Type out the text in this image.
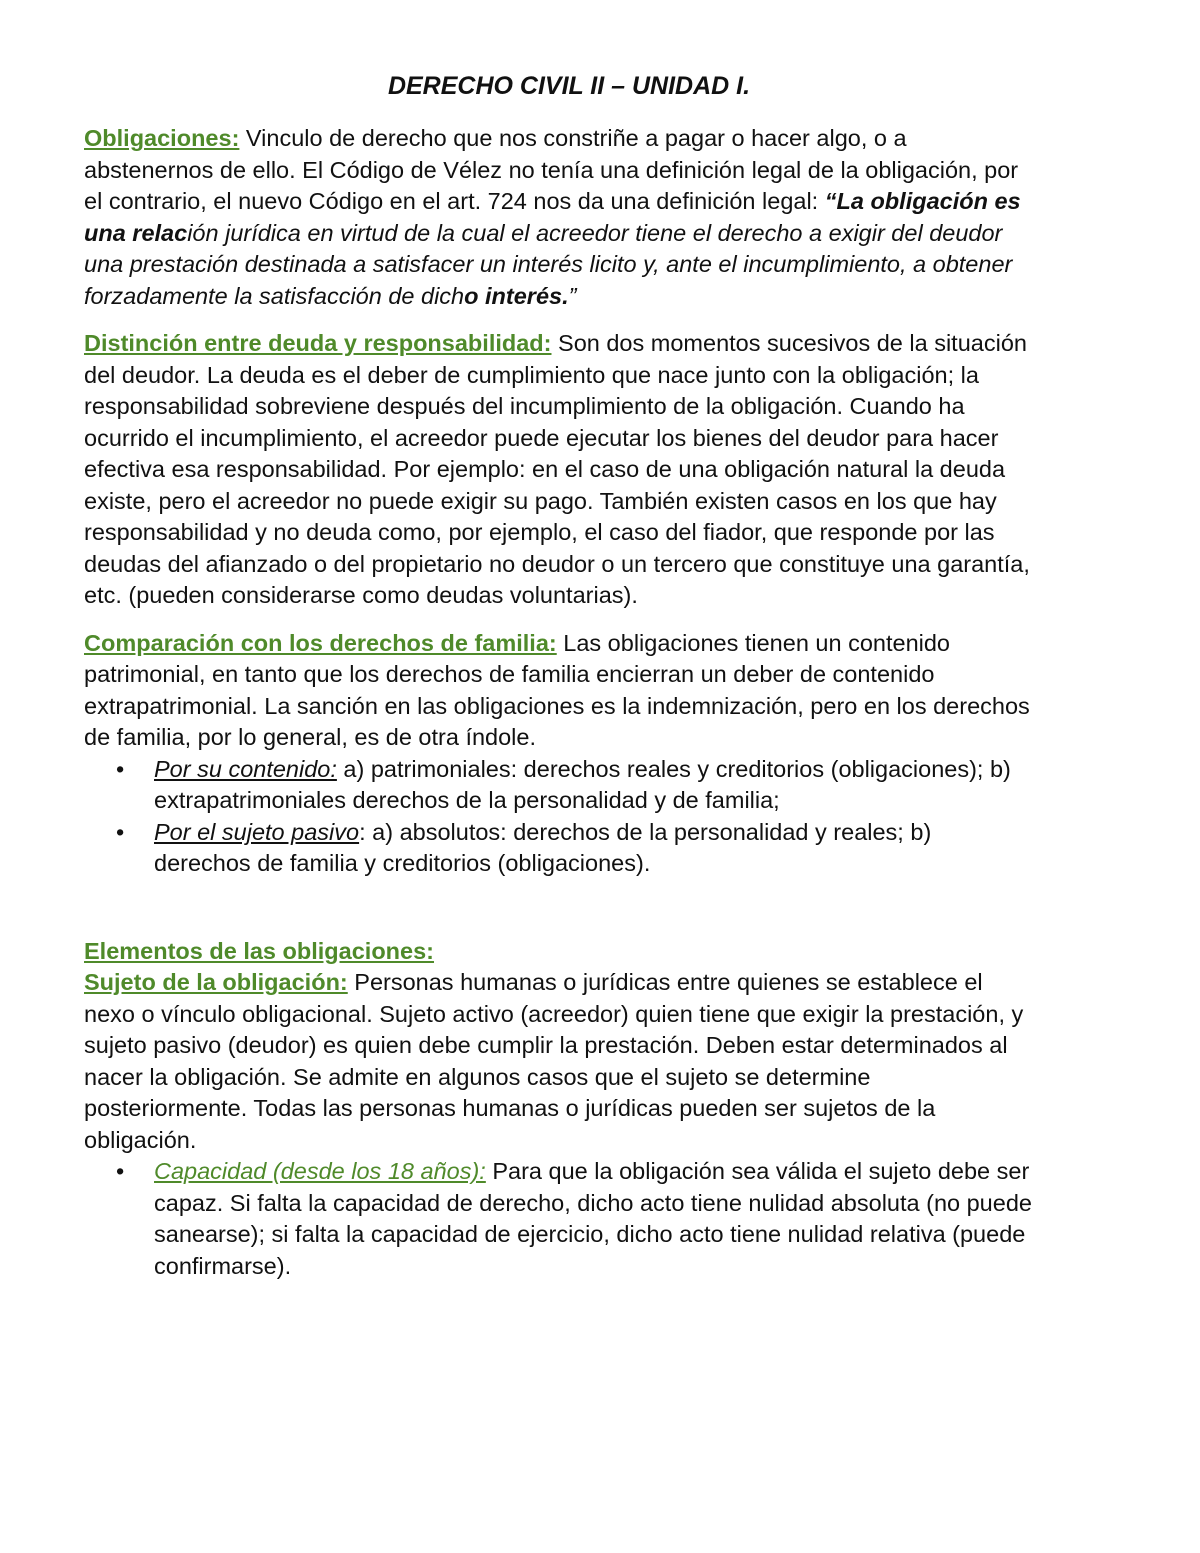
DERECHO CIVIL II – UNIDAD I.

Obligaciones: Vinculo de derecho que nos constriñe a pagar o hacer algo, o a abstenernos de ello. El Código de Vélez no tenía una definición legal de la obligación, por el contrario, el nuevo Código en el art. 724 nos da una definición legal: “La obligación es una relación jurídica en virtud de la cual el acreedor tiene el derecho a exigir del deudor una prestación destinada a satisfacer un interés licito y, ante el incumplimiento, a obtener forzadamente la satisfacción de dicho interés.”

Distinción entre deuda y responsabilidad: Son dos momentos sucesivos de la situación del deudor. La deuda es el deber de cumplimiento que nace junto con la obligación; la responsabilidad sobreviene después del incumplimiento de la obligación. Cuando ha ocurrido el incumplimiento, el acreedor puede ejecutar los bienes del deudor para hacer efectiva esa responsabilidad. Por ejemplo: en el caso de una obligación natural la deuda existe, pero el acreedor no puede exigir su pago. También existen casos en los que hay responsabilidad y no deuda como, por ejemplo, el caso del fiador, que responde por las deudas del afianzado o del propietario no deudor o un tercero que constituye una garantía, etc. (pueden considerarse como deudas voluntarias).

Comparación con los derechos de familia: Las obligaciones tienen un contenido patrimonial, en tanto que los derechos de familia encierran un deber de contenido extrapatrimonial. La sanción en las obligaciones es la indemnización, pero en los derechos de familia, por lo general, es de otra índole.

• Por su contenido: a) patrimoniales: derechos reales y creditorios (obligaciones); b) extrapatrimoniales derechos de la personalidad y de familia;
• Por el sujeto pasivo: a) absolutos: derechos de la personalidad y reales; b) derechos de familia y creditorios (obligaciones).

Elementos de las obligaciones:

Sujeto de la obligación: Personas humanas o jurídicas entre quienes se establece el nexo o vínculo obligacional. Sujeto activo (acreedor) quien tiene que exigir la prestación, y sujeto pasivo (deudor) es quien debe cumplir la prestación. Deben estar determinados al nacer la obligación. Se admite en algunos casos que el sujeto se determine posteriormente. Todas las personas humanas o jurídicas pueden ser sujetos de la obligación.

• Capacidad (desde los 18 años): Para que la obligación sea válida el sujeto debe ser capaz. Si falta la capacidad de derecho, dicho acto tiene nulidad absoluta (no puede sanearse); si falta la capacidad de ejercicio, dicho acto tiene nulidad relativa (puede confirmarse).
